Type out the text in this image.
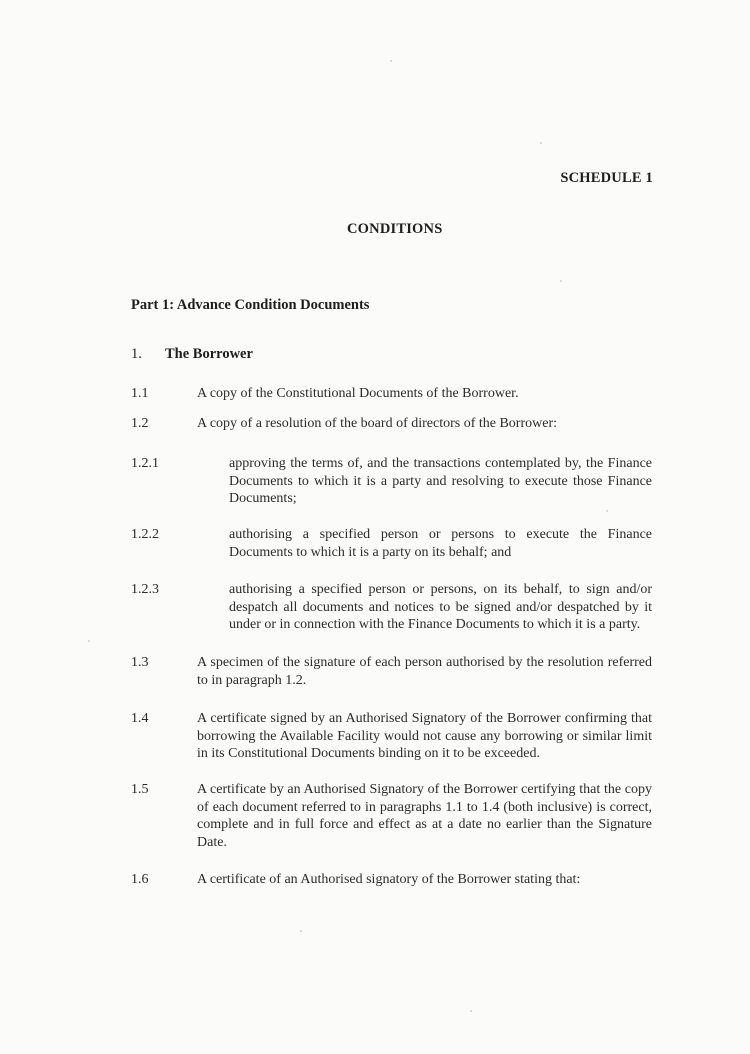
SCHEDULE 1
CONDITIONS
Part 1: Advance Condition Documents
1. The Borrower
1.1	A copy of the Constitutional Documents of the Borrower.
1.2	A copy of a resolution of the board of directors of the Borrower:
1.2.1	approving the terms of, and the transactions contemplated by, the Finance Documents to which it is a party and resolving to execute those Finance Documents;
1.2.2	authorising a specified person or persons to execute the Finance Documents to which it is a party on its behalf; and
1.2.3	authorising a specified person or persons, on its behalf, to sign and/or despatch all documents and notices to be signed and/or despatched by it under or in connection with the Finance Documents to which it is a party.
1.3	A specimen of the signature of each person authorised by the resolution referred to in paragraph 1.2.
1.4	A certificate signed by an Authorised Signatory of the Borrower confirming that borrowing the Available Facility would not cause any borrowing or similar limit in its Constitutional Documents binding on it to be exceeded.
1.5	A certificate by an Authorised Signatory of the Borrower certifying that the copy of each document referred to in paragraphs 1.1 to 1.4 (both inclusive) is correct, complete and in full force and effect as at a date no earlier than the Signature Date.
1.6	A certificate of an Authorised signatory of the Borrower stating that:
